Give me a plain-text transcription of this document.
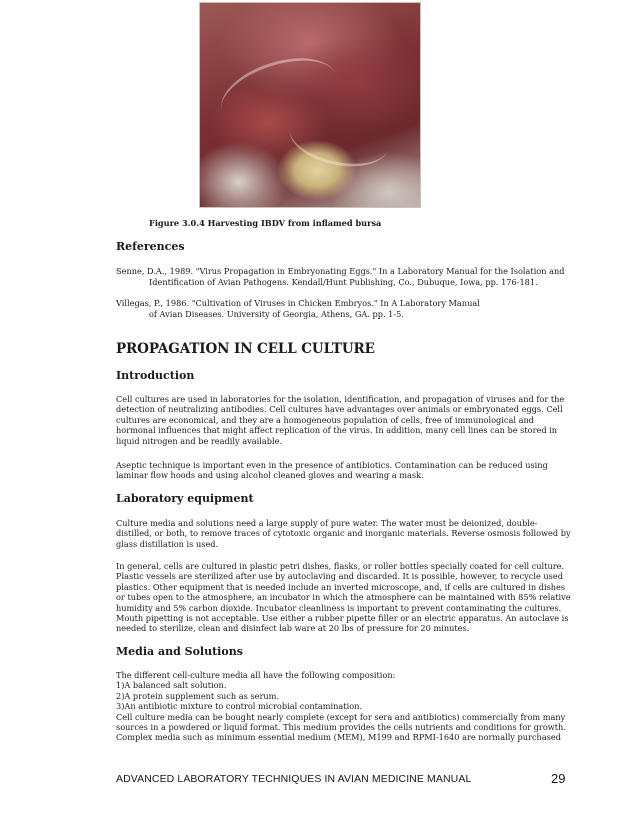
Figure 3.0.4 Harvesting IBDV from inflamed bursa
References
Senne, D.A., 1989. "Virus Propagation in Embryonating Eggs." In a Laboratory Manual for the Isolation and
Identification of Avian Pathogens. Kendall/Hunt Publishing, Co., Dubuque, Iowa, pp. 176-181.
Villegas, P., 1986. "Cultivation of Viruses in Chicken Embryos." In A Laboratory Manual
of Avian Diseases. University of Georgia, Athens, GA. pp. 1-5.
PROPAGATION IN CELL CULTURE
Introduction
Cell cultures are used in laboratories for the isolation, identification, and propagation of viruses and for the
detection of neutralizing antibodies. Cell cultures have advantages over animals or embryonated eggs. Cell
cultures are economical, and they are a homogeneous population of cells, free of immunological and
hormonal influences that might affect replication of the virus. In addition, many cell lines can be stored in
liquid nitrogen and be readily available.
Aseptic technique is important even in the presence of antibiotics. Contamination can be reduced using
laminar flow hoods and using alcohol cleaned gloves and wearing a mask.
Laboratory equipment
Culture media and solutions need a large supply of pure water. The water must be deionized, double-
distilled, or both, to remove traces of cytotoxic organic and inorganic materials. Reverse osmosis followed by
glass distillation is used.
In general, cells are cultured in plastic petri dishes, flasks, or roller bottles specially coated for cell culture.
Plastic vessels are sterilized after use by autoclaving and discarded. It is possible, however, to recycle used
plastics. Other equipment that is needed include an inverted microscope, and, if cells are cultured in dishes
or tubes open to the atmosphere, an incubator in which the atmosphere can be maintained with 85% relative
humidity and 5% carbon dioxide. Incubator cleanliness is important to prevent contaminating the cultures.
Mouth pipetting is not acceptable. Use either a rubber pipette filler or an electric apparatus. An autoclave is
needed to sterilize, clean and disinfect lab ware at 20 lbs of pressure for 20 minutes.
Media and Solutions
The different cell-culture media all have the following composition:
1)A balanced salt solution.
2)A protein supplement such as serum.
3)An antibiotic mixture to control microbial contamination.
Cell culture media can be bought nearly complete (except for sera and antibiotics) commercially from many
sources in a powdered or liquid format. This medium provides the cells nutrients and conditions for growth.
Complex media such as minimum essential medium (MEM), M199 and RPMI-1640 are normally purchased
ADVANCED LABORATORY TECHNIQUES IN AVIAN MEDICINE MANUAL	29
